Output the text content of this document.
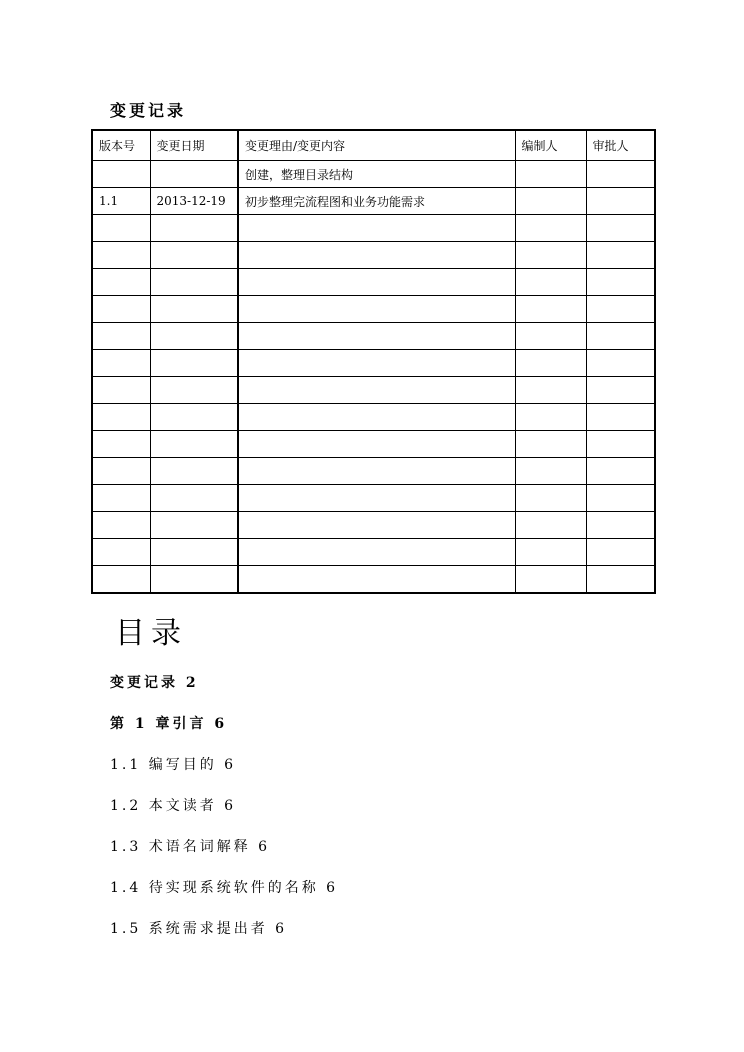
变更记录
版本号	变更日期	变更理由/变更内容	编制人	审批人
		创建，整理目录结构		
1.1	2013-12-19	初步整理完流程图和业务功能需求		

目录
变更记录 2
第 1 章引言 6
1.1 编写目的 6
1.2 本文读者 6
1.3 术语名词解释 6
1.4 待实现系统软件的名称 6
1.5 系统需求提出者 6
